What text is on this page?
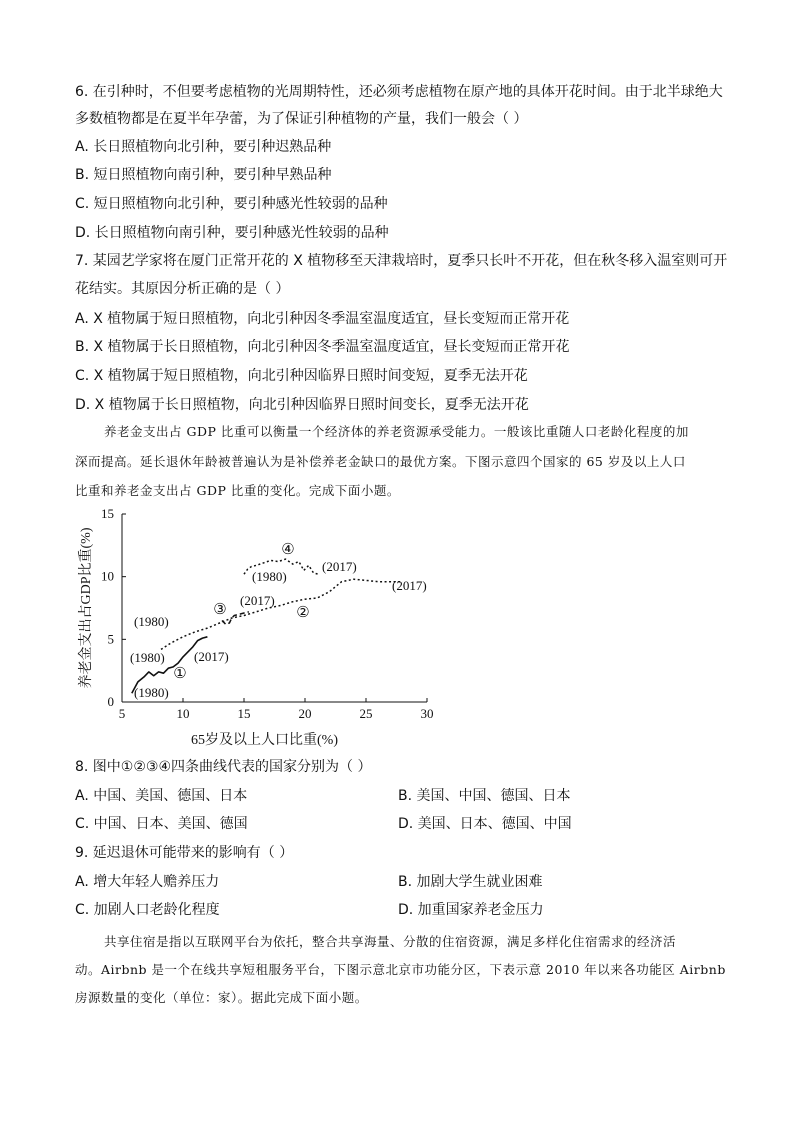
6. 在引种时，不但要考虑植物的光周期特性，还必须考虑植物在原产地的具体开花时间。由于北半球绝大
多数植物都是在夏半年孕蕾，为了保证引种植物的产量，我们一般会（ ）
A. 长日照植物向北引种，要引种迟熟品种
B. 短日照植物向南引种，要引种早熟品种
C. 短日照植物向北引种，要引种感光性较弱的品种
D. 长日照植物向南引种，要引种感光性较弱的品种
7. 某园艺学家将在厦门正常开花的 X 植物移至天津栽培时，夏季只长叶不开花，但在秋冬移入温室则可开
花结实。其原因分析正确的是（ ）
A. X 植物属于短日照植物，向北引种因冬季温室温度适宜，昼长变短而正常开花
B. X 植物属于长日照植物，向北引种因冬季温室温度适宜，昼长变短而正常开花
C. X 植物属于短日照植物，向北引种因临界日照时间变短，夏季无法开花
D. X 植物属于长日照植物，向北引种因临界日照时间变长，夏季无法开花
养老金支出占 GDP 比重可以衡量一个经济体的养老资源承受能力。一般该比重随人口老龄化程度的加
深而提高。延长退休年龄被普遍认为是补偿养老金缺口的最优方案。下图示意四个国家的 65 岁及以上人口
比重和养老金支出占 GDP 比重的变化。完成下面小题。
5	10	15	20	25	30
0
5
10
15
65岁及以上人口比重(%)
养老金支出占GDP比重(%)	①
(1980)
(2017)
②
(1980)
(2017)
③
(1980)
(2017)
④
(1980)
(2017)
8. 图中①②③④四条曲线代表的国家分别为（ ）
A. 中国、美国、德国、日本	B. 美国、中国、德国、日本
C. 中国、日本、美国、德国	D. 美国、日本、德国、中国
9. 延迟退休可能带来的影响有（ ）
A. 增大年轻人赡养压力	B. 加剧大学生就业困难
C. 加剧人口老龄化程度	D. 加重国家养老金压力
共享住宿是指以互联网平台为依托，整合共享海量、分散的住宿资源，满足多样化住宿需求的经济活
动。Airbnb 是一个在线共享短租服务平台，下图示意北京市功能分区，下表示意 2010 年以来各功能区 Airbnb
房源数量的变化（单位：家）。据此完成下面小题。
